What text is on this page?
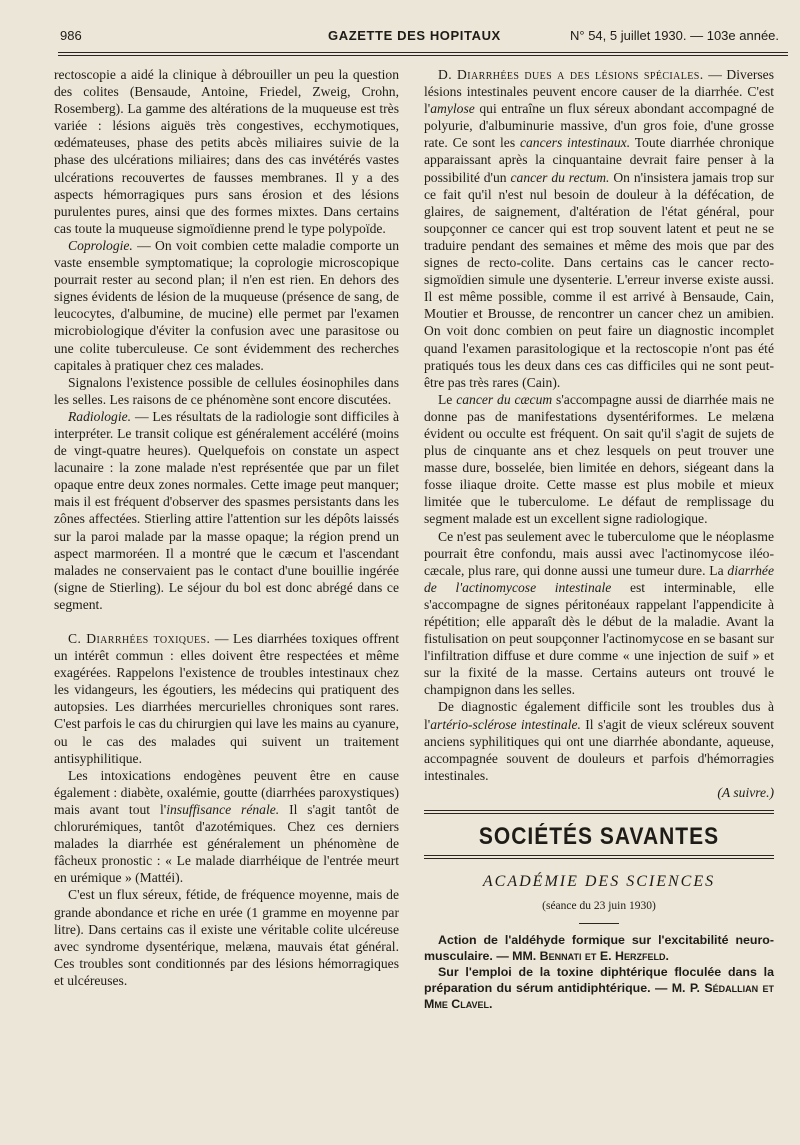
986	GAZETTE DES HOPITAUX	N° 54, 5 juillet 1930. — 103e année.

rectoscopie a aidé la clinique à débrouiller un peu la question des colites (Bensaude, Antoine, Friedel, Zweig, Crohn, Rosemberg). La gamme des altérations de la muqueuse est très variée : lésions aiguës très congestives, ecchymotiques, œdémateuses, phase des petits abcès miliaires suivie de la phase des ulcérations miliaires; dans des cas invétérés vastes ulcérations recouvertes de fausses membranes. Il y a des aspects hémorragiques purs sans érosion et des lésions purulentes pures, ainsi que des formes mixtes. Dans certains cas toute la muqueuse sigmoïdienne prend le type polypoïde.

Coprologie. — On voit combien cette maladie comporte un vaste ensemble symptomatique; la coprologie microscopique pourrait rester au second plan; il n'en est rien. En dehors des signes évidents de lésion de la muqueuse (présence de sang, de leucocytes, d'albumine, de mucine) elle permet par l'examen microbiologique d'éviter la confusion avec une parasitose ou une colite tuberculeuse. Ce sont évidemment des recherches capitales à pratiquer chez ces malades.

Signalons l'existence possible de cellules éosinophiles dans les selles. Les raisons de ce phénomène sont encore discutées.

Radiologie. — Les résultats de la radiologie sont difficiles à interpréter. Le transit colique est généralement accéléré (moins de vingt-quatre heures). Quelquefois on constate un aspect lacunaire : la zone malade n'est représentée que par un filet opaque entre deux zones normales. Cette image peut manquer; mais il est fréquent d'observer des spasmes persistants dans les zônes affectées. Stierling attire l'attention sur les dépôts laissés sur la paroi malade par la masse opaque; la région prend un aspect marmoréen. Il a montré que le cæcum et l'ascendant malades ne conservaient pas le contact d'une bouillie ingérée (signe de Stierling). Le séjour du bol est donc abrégé dans ce segment.

C. Diarrhées toxiques. — Les diarrhées toxiques offrent un intérêt commun : elles doivent être respectées et même exagérées. Rappelons l'existence de troubles intestinaux chez les vidangeurs, les égoutiers, les médecins qui pratiquent des autopsies. Les diarrhées mercurielles chroniques sont rares. C'est parfois le cas du chirurgien qui lave les mains au cyanure, ou le cas des malades qui suivent un traitement antisyphilitique.

Les intoxications endogènes peuvent être en cause également : diabète, oxalémie, goutte (diarrhées paroxystiques) mais avant tout l'insuffisance rénale. Il s'agit tantôt de chlorurémiques, tantôt d'azotémiques. Chez ces derniers malades la diarrhée est généralement un phénomène de fâcheux pronostic : « Le malade diarrhéique de l'entrée meurt en urémique » (Mattéi).

C'est un flux séreux, fétide, de fréquence moyenne, mais de grande abondance et riche en urée (1 gramme en moyenne par litre). Dans certains cas il existe une véritable colite ulcéreuse avec syndrome dysentérique, melæna, mauvais état général. Ces troubles sont conditionnés par des lésions hémorragiques et ulcéreuses.

D. Diarrhées dues a des lésions spéciales. — Diverses lésions intestinales peuvent encore causer de la diarrhée. C'est l'amylose qui entraîne un flux séreux abondant accompagné de polyurie, d'albuminurie massive, d'un gros foie, d'une grosse rate. Ce sont les cancers intestinaux. Toute diarrhée chronique apparaissant après la cinquantaine devrait faire penser à la possibilité d'un cancer du rectum. On n'insistera jamais trop sur ce fait qu'il n'est nul besoin de douleur à la défécation, de glaires, de saignement, d'altération de l'état général, pour soupçonner ce cancer qui est trop souvent latent et peut ne se traduire pendant des semaines et même des mois que par des signes de recto-colite. Dans certains cas le cancer recto-sigmoïdien simule une dysenterie. L'erreur inverse existe aussi. Il est même possible, comme il est arrivé à Bensaude, Cain, Moutier et Brousse, de rencontrer un cancer chez un amibien. On voit donc combien on peut faire un diagnostic incomplet quand l'examen parasitologique et la rectoscopie n'ont pas été pratiqués tous les deux dans ces cas difficiles qui ne sont peut-être pas très rares (Cain).

Le cancer du cæcum s'accompagne aussi de diarrhée mais ne donne pas de manifestations dysentériformes. Le melæna évident ou occulte est fréquent. On sait qu'il s'agit de sujets de plus de cinquante ans et chez lesquels on peut trouver une masse dure, bosselée, bien limitée en dehors, siégeant dans la fosse iliaque droite. Cette masse est plus mobile et mieux limitée que le tuberculome. Le défaut de remplissage du segment malade est un excellent signe radiologique.

Ce n'est pas seulement avec le tuberculome que le néoplasme pourrait être confondu, mais aussi avec l'actinomycose iléo-cæcale, plus rare, qui donne aussi une tumeur dure. La diarrhée de l'actinomycose intestinale est interminable, elle s'accompagne de signes péritonéaux rappelant l'appendicite à répétition; elle apparaît dès le début de la maladie. Avant la fistulisation on peut soupçonner l'actinomycose en se basant sur l'infiltration diffuse et dure comme « une injection de suif » et sur la fixité de la masse. Certains auteurs ont trouvé le champignon dans les selles.

De diagnostic également difficile sont les troubles dus à l'artério-sclérose intestinale. Il s'agit de vieux scléreux souvent anciens syphilitiques qui ont une diarrhée abondante, aqueuse, accompagnée souvent de douleurs et parfois d'hémorragies intestinales.

(A suivre.)

SOCIÉTÉS SAVANTES
ACADÉMIE DES SCIENCES
(séance du 23 juin 1930)

Action de l'aldéhyde formique sur l'excitabilité neuro-musculaire. — MM. Bennati et E. Herzfeld.

Sur l'emploi de la toxine diphtérique floculée dans la préparation du sérum antidiphtérique. — M. P. Sédallian et Mme Clavel.
